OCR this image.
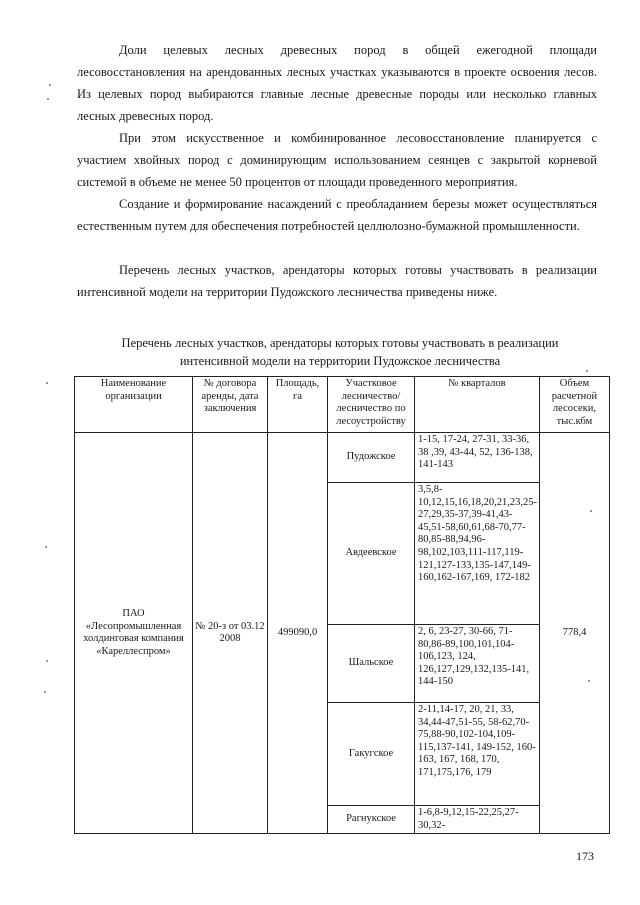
Доли целевых лесных древесных пород в общей ежегодной площади лесовосстановления на арендованных лесных участках указываются в проекте освоения лесов. Из целевых пород выбираются главные лесные древесные породы или несколько главных лесных древесных пород.

При этом искусственное и комбинированное лесовосстановление планируется с участием хвойных пород с доминирующим использованием сеянцев с закрытой корневой системой в объеме не менее 50 процентов от площади проведенного мероприятия.

Создание и формирование насаждений с преобладанием березы может осуществляться естественным путем для обеспечения потребностей целлюлозно-бумажной промышленности.

Перечень лесных участков, арендаторы которых готовы участвовать в реализации интенсивной модели на территории Пудожского лесничества приведены ниже.

Перечень лесных участков, арендаторы которых готовы участвовать в реализации
интенсивной модели на территории Пудожское лесничества
Наименование организации	№ договора аренды, дата заключения	Площадь, га	Участковое лесничество/ лесничество по лесоустройству	№ кварталов	Объем расчетной лесосеки, тыс.кбм
ПАО «Лесопромышленная холдинговая компания «Кареллеспром»	№ 20-з от 03.12 2008	499090,0	Пудожское	1-15, 17-24, 27-31, 33-36, 38 ,39, 43-44, 52, 136-138, 141-143	778,4
			Авдеевское	3,5,8-10,12,15,16,18,20,21,23,25-27,29,35-37,39-41,43-45,51-58,60,61,68-70,77-80,85-88,94,96-98,102,103,111-117,119-121,127-133,135-147,149-160,162-167,169, 172-182	
			Шальское	2, 6, 23-27, 30-66, 71-80,86-89,100,101,104-106,123, 124, 126,127,129,132,135-141, 144-150	
			Гакугское	2-11,14-17, 20, 21, 33, 34,44-47,51-55, 58-62,70-75,88-90,102-104,109-115,137-141, 149-152, 160-163, 167, 168, 170, 171,175,176, 179	
			Рагнукское	1-6,8-9,12,15-22,25,27-30,32-	
173
